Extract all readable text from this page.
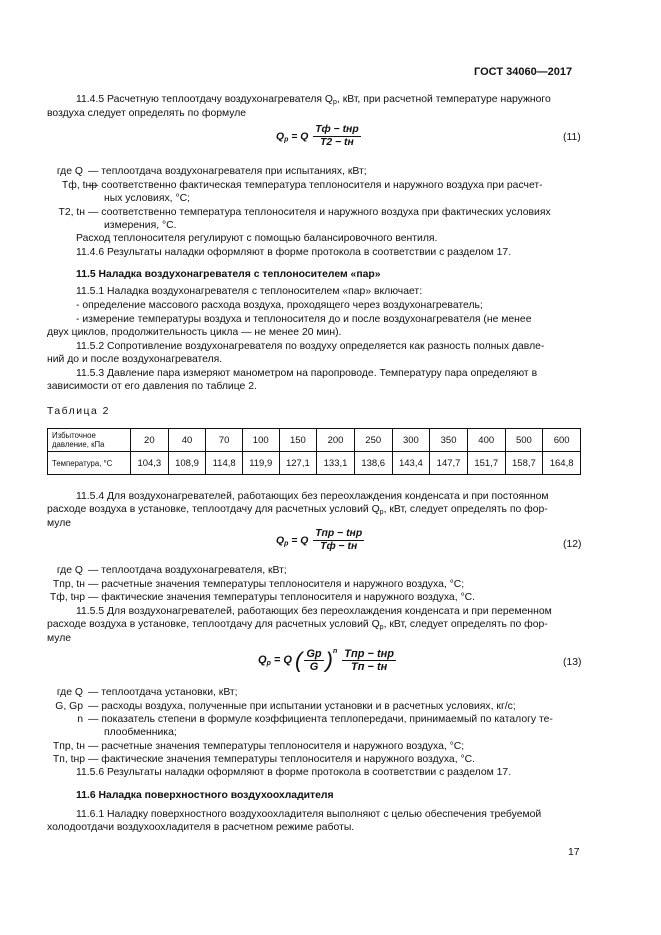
ГОСТ 34060—2017
11.4.5 Расчетную теплоотдачу воздухонагревателя $Q_р$, кВт, при расчетной температуре наружного
воздуха следует определять по формуле
$Q_р = Q \frac{\text{Tф − tнр}}{T2 - tн}$	(11)
где Q — теплоотдача воздухонагревателя при испытаниях, кВт;
Tф, tнр
— соответственно фактическая температура теплоносителя и наружного воздуха при расчет-
ных условиях, °С;
T2, tн — соответственно температура теплоносителя и наружного воздуха при фактических условиях
измерения, °С.
Расход теплоносителя регулируют с помощью балансировочного вентиля.
11.4.6 Результаты наладки оформляют в форме протокола в соответствии с разделом 17.
11.5 Наладка воздухонагревателя с теплоносителем «пар»
11.5.1 Наладка воздухонагревателя с теплоносителем «пар» включает:
- определение массового расхода воздуха, проходящего через воздухонагреватель;
- измерение температуры воздуха и теплоносителя до и после воздухонагревателя (не менее
двух циклов, продолжительность цикла — не менее 20 мин).
11.5.2 Сопротивление воздухонагревателя по воздуху определяется как разность полных давле-
ний до и после воздухонагревателя.
11.5.3 Давление пара измеряют манометром на паропроводе. Температуру пара определяют в
зависимости от его давления по таблице 2.
Таблица 2
Избыточное
давление, кПа	20	40	70	100	150	200	250	300	350	400	500	600
Температура, °С	104,3	108,9	114,8	119,9	127,1	133,1	138,6	143,4	147,7	151,7	158,7	164,8
11.5.4 Для воздухонагревателей, работающих без переохлаждения конденсата и при постоянном
расходе воздуха в установке, теплоотдачу для расчетных условий $Q_р$, кВт, следует определять по фор-
муле
$Q_р = Q \frac{\text{Tпр − tнр}}{Tф - tн}$	(12)
где Q — теплоотдача воздухонагревателя, кВт;
Tпр, tн — расчетные значения температуры теплоносителя и наружного воздуха, °С;
Tф, tнр — фактические значения температуры теплоносителя и наружного воздуха, °С.
11.5.5 Для воздухонагревателей, работающих без переохлаждения конденсата и при переменном
расходе воздуха в установке, теплоотдачу для расчетных условий $Q_р$, кВт, следует определять по фор-
муле
$Q_р = Q$ ( $\frac{Gр}{G} )^n \frac{\text{Tпр − tнр}}{Tп - tн}$	(13)
где Q — теплоотдача установки, кВт;
G, Gр — расходы воздуха, полученные при испытании установки и в расчетных условиях, кг/с;
n — показатель степени в формуле коэффициента теплопередачи, принимаемый по каталогу те-
плообменника;
Tпр, tн — расчетные значения температуры теплоносителя и наружного воздуха, °С;
Tп, tнр — фактические значения температуры теплоносителя и наружного воздуха, °С.
11.5.6 Результаты наладки оформляют в форме протокола в соответствии с разделом 17.
11.6 Наладка поверхностного воздухоохладителя
11.6.1 Наладку поверхностного воздухоохладителя выполняют с целью обеспечения требуемой
холодоотдачи воздухоохладителя в расчетном режиме работы.
17
